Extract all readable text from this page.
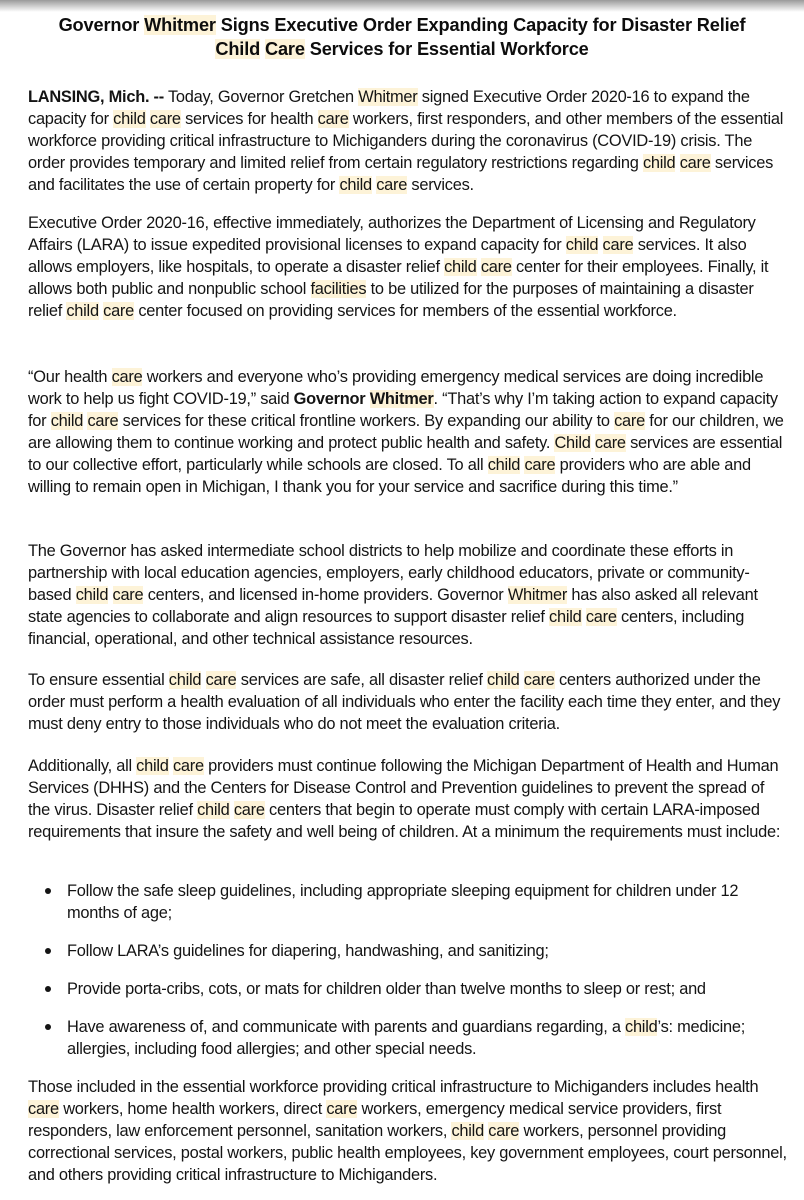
Governor Whitmer Signs Executive Order Expanding Capacity for Disaster Relief
Child Care Services for Essential Workforce

LANSING, Mich. -- Today, Governor Gretchen Whitmer signed Executive Order 2020-16 to expand the capacity for child care services for health care workers, first responders, and other members of the essential workforce providing critical infrastructure to Michiganders during the coronavirus (COVID-19) crisis. The order provides temporary and limited relief from certain regulatory restrictions regarding child care services and facilitates the use of certain property for child care services.

Executive Order 2020-16, effective immediately, authorizes the Department of Licensing and Regulatory Affairs (LARA) to issue expedited provisional licenses to expand capacity for child care services. It also allows employers, like hospitals, to operate a disaster relief child care center for their employees. Finally, it allows both public and nonpublic school facilities to be utilized for the purposes of maintaining a disaster relief child care center focused on providing services for members of the essential workforce.

“Our health care workers and everyone who’s providing emergency medical services are doing incredible work to help us fight COVID-19,” said Governor Whitmer. “That’s why I’m taking action to expand capacity for child care services for these critical frontline workers. By expanding our ability to care for our children, we are allowing them to continue working and protect public health and safety. Child care services are essential to our collective effort, particularly while schools are closed. To all child care providers who are able and willing to remain open in Michigan, I thank you for your service and sacrifice during this time.”

The Governor has asked intermediate school districts to help mobilize and coordinate these efforts in partnership with local education agencies, employers, early childhood educators, private or community-based child care centers, and licensed in-home providers. Governor Whitmer has also asked all relevant state agencies to collaborate and align resources to support disaster relief child care centers, including financial, operational, and other technical assistance resources.

To ensure essential child care services are safe, all disaster relief child care centers authorized under the order must perform a health evaluation of all individuals who enter the facility each time they enter, and they must deny entry to those individuals who do not meet the evaluation criteria.

Additionally, all child care providers must continue following the Michigan Department of Health and Human Services (DHHS) and the Centers for Disease Control and Prevention guidelines to prevent the spread of the virus. Disaster relief child care centers that begin to operate must comply with certain LARA-imposed requirements that insure the safety and well being of children. At a minimum the requirements must include:

Follow the safe sleep guidelines, including appropriate sleeping equipment for children under 12 months of age;
Follow LARA’s guidelines for diapering, handwashing, and sanitizing;
Provide porta-cribs, cots, or mats for children older than twelve months to sleep or rest; and
Have awareness of, and communicate with parents and guardians regarding, a child’s: medicine; allergies, including food allergies; and other special needs.

Those included in the essential workforce providing critical infrastructure to Michiganders includes health care workers, home health workers, direct care workers, emergency medical service providers, first responders, law enforcement personnel, sanitation workers, child care workers, personnel providing correctional services, postal workers, public health employees, key government employees, court personnel, and others providing critical infrastructure to Michiganders.
